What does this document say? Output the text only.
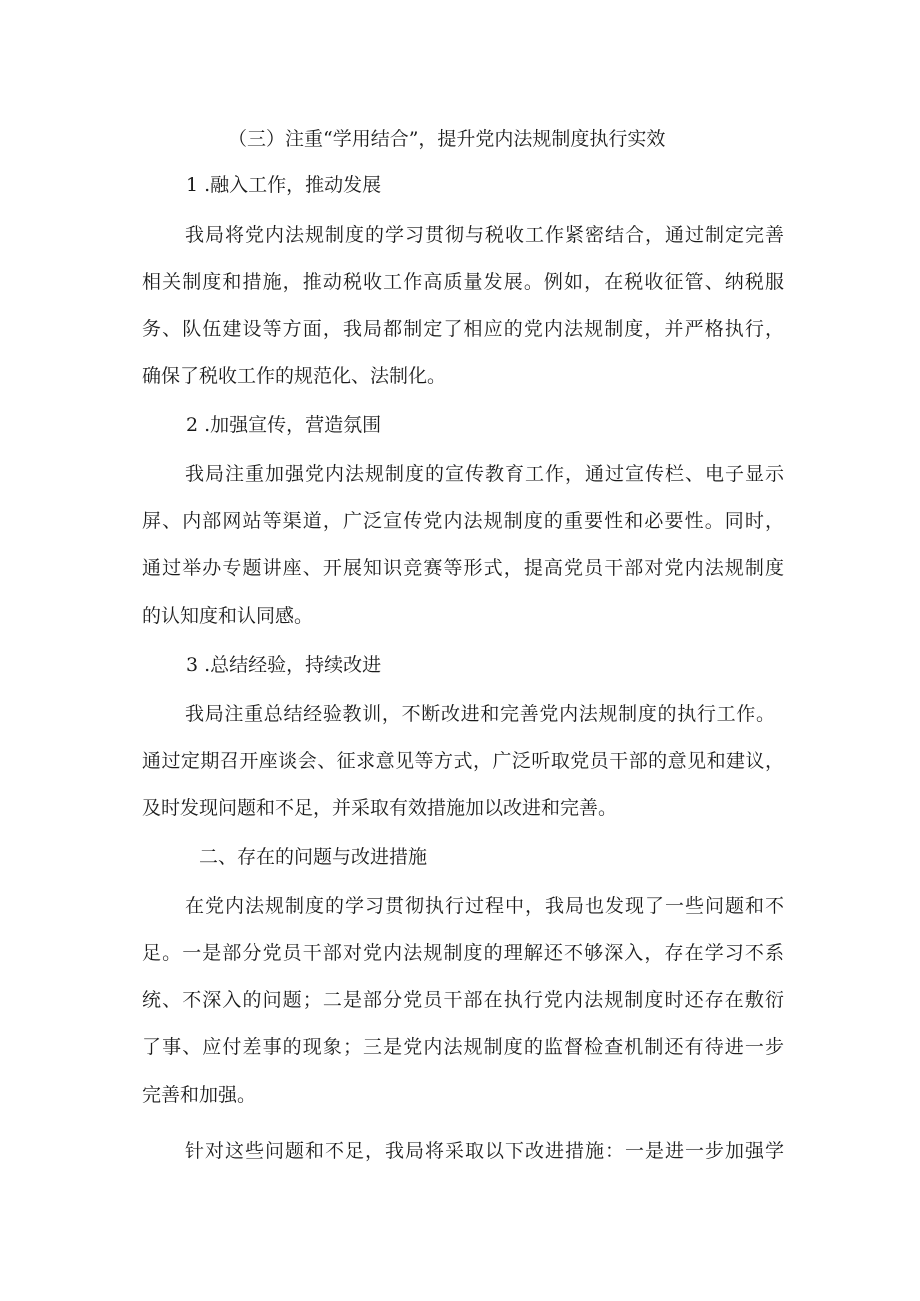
（三）注重“学用结合”，提升党内法规制度执行实效
1 .融入工作，推动发展
我局将党内法规制度的学习贯彻与税收工作紧密结合，通过制定完善
相关制度和措施，推动税收工作高质量发展。例如，在税收征管、纳税服
务、队伍建设等方面，我局都制定了相应的党内法规制度，并严格执行，
确保了税收工作的规范化、法制化。
2 .加强宣传，营造氛围
我局注重加强党内法规制度的宣传教育工作，通过宣传栏、电子显示
屏、内部网站等渠道，广泛宣传党内法规制度的重要性和必要性。同时，
通过举办专题讲座、开展知识竞赛等形式，提高党员干部对党内法规制度
的认知度和认同感。
3 .总结经验，持续改进
我局注重总结经验教训，不断改进和完善党内法规制度的执行工作。
通过定期召开座谈会、征求意见等方式，广泛听取党员干部的意见和建议，
及时发现问题和不足，并采取有效措施加以改进和完善。
二、存在的问题与改进措施
在党内法规制度的学习贯彻执行过程中，我局也发现了一些问题和不
足。一是部分党员干部对党内法规制度的理解还不够深入，存在学习不系
统、不深入的问题；二是部分党员干部在执行党内法规制度时还存在敷衍
了事、应付差事的现象；三是党内法规制度的监督检查机制还有待进一步
完善和加强。
针对这些问题和不足，我局将采取以下改进措施：一是进一步加强学
